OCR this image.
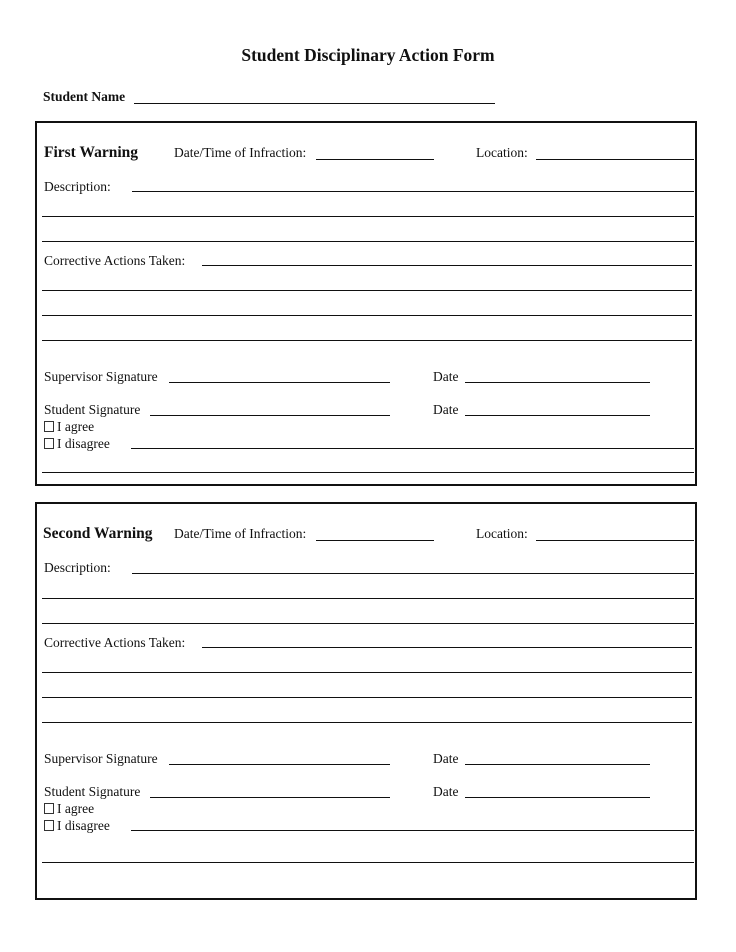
Student Disciplinary Action Form
Student Name
First Warning	Date/Time of Infraction:	Location:
Description:
Corrective Actions Taken:
Supervisor Signature	Date
Student Signature	Date
I agree
I disagree
Second Warning Date/Time of Infraction:	Location:
Description:
Corrective Actions Taken:
Supervisor Signature	Date
Student Signature	Date
I agree
I disagree
